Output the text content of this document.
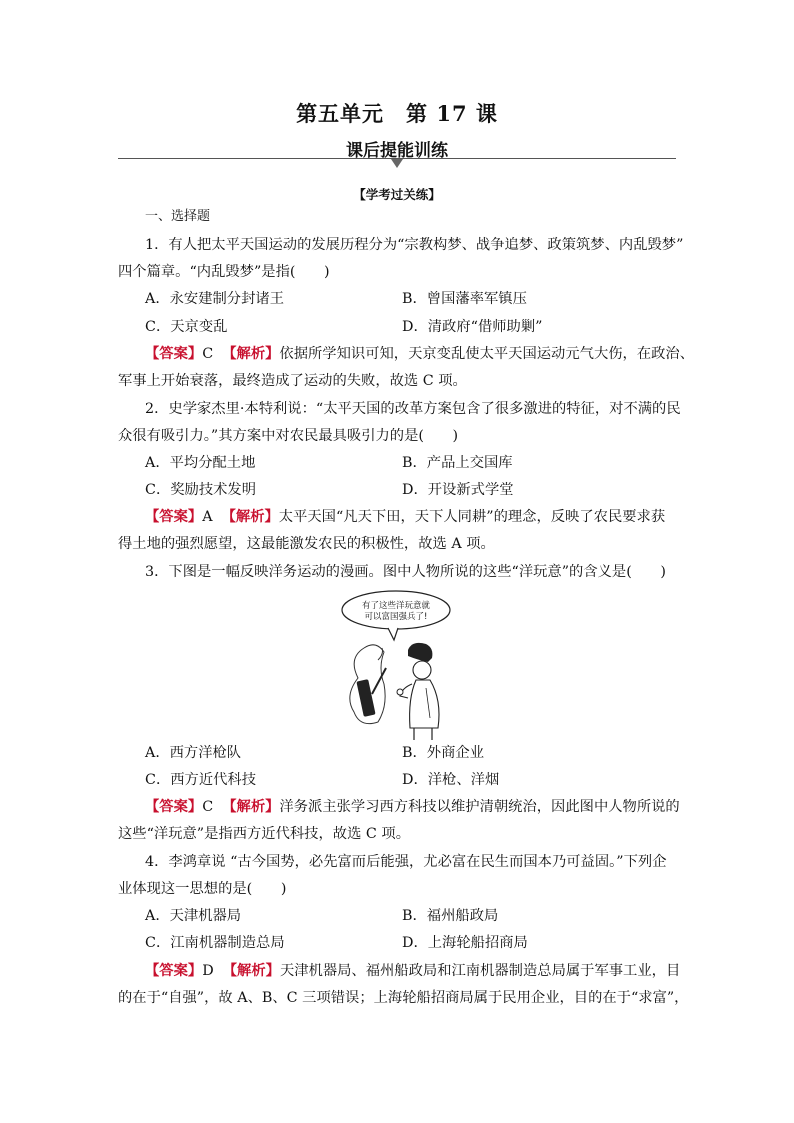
第五单元　第 17 课
课后提能训练
【学考过关练】
一、选择题
1．有人把太平天国运动的发展历程分为“宗教构梦、战争追梦、政策筑梦、内乱毁梦”
四个篇章。“内乱毁梦”是指(　　)
A．永安建制分封诸王	B．曾国藩率军镇压
C．天京变乱	D．清政府“借师助剿”
【答案】C 【解析】依据所学知识可知，天京变乱使太平天国运动元气大伤，在政治、
军事上开始衰落，最终造成了运动的失败，故选 C 项。
2．史学家杰里·本特利说：“太平天国的改革方案包含了很多激进的特征，对不满的民
众很有吸引力。”其方案中对农民最具吸引力的是(　　)
A．平均分配土地	B．产品上交国库
C．奖励技术发明	D．开设新式学堂
【答案】A 【解析】太平天国“凡天下田，天下人同耕”的理念，反映了农民要求获
得土地的强烈愿望，这最能激发农民的积极性，故选 A 项。
3．下图是一幅反映洋务运动的漫画。图中人物所说的这些“洋玩意”的含义是(　　)
有了这些洋玩意就
可以富国强兵了!
A．西方洋枪队	B．外商企业
C．西方近代科技	D．洋枪、洋烟
【答案】C 【解析】洋务派主张学习西方科技以维护清朝统治，因此图中人物所说的
这些“洋玩意”是指西方近代科技，故选 C 项。
4．李鸿章说 “古今国势，必先富而后能强，尤必富在民生而国本乃可益固。”下列企
业体现这一思想的是(　　)
A．天津机器局	B．福州船政局
C．江南机器制造总局	D．上海轮船招商局
【答案】D 【解析】天津机器局、福州船政局和江南机器制造总局属于军事工业，目
的在于“自强”，故 A、B、C 三项错误；上海轮船招商局属于民用企业，目的在于“求富”，
